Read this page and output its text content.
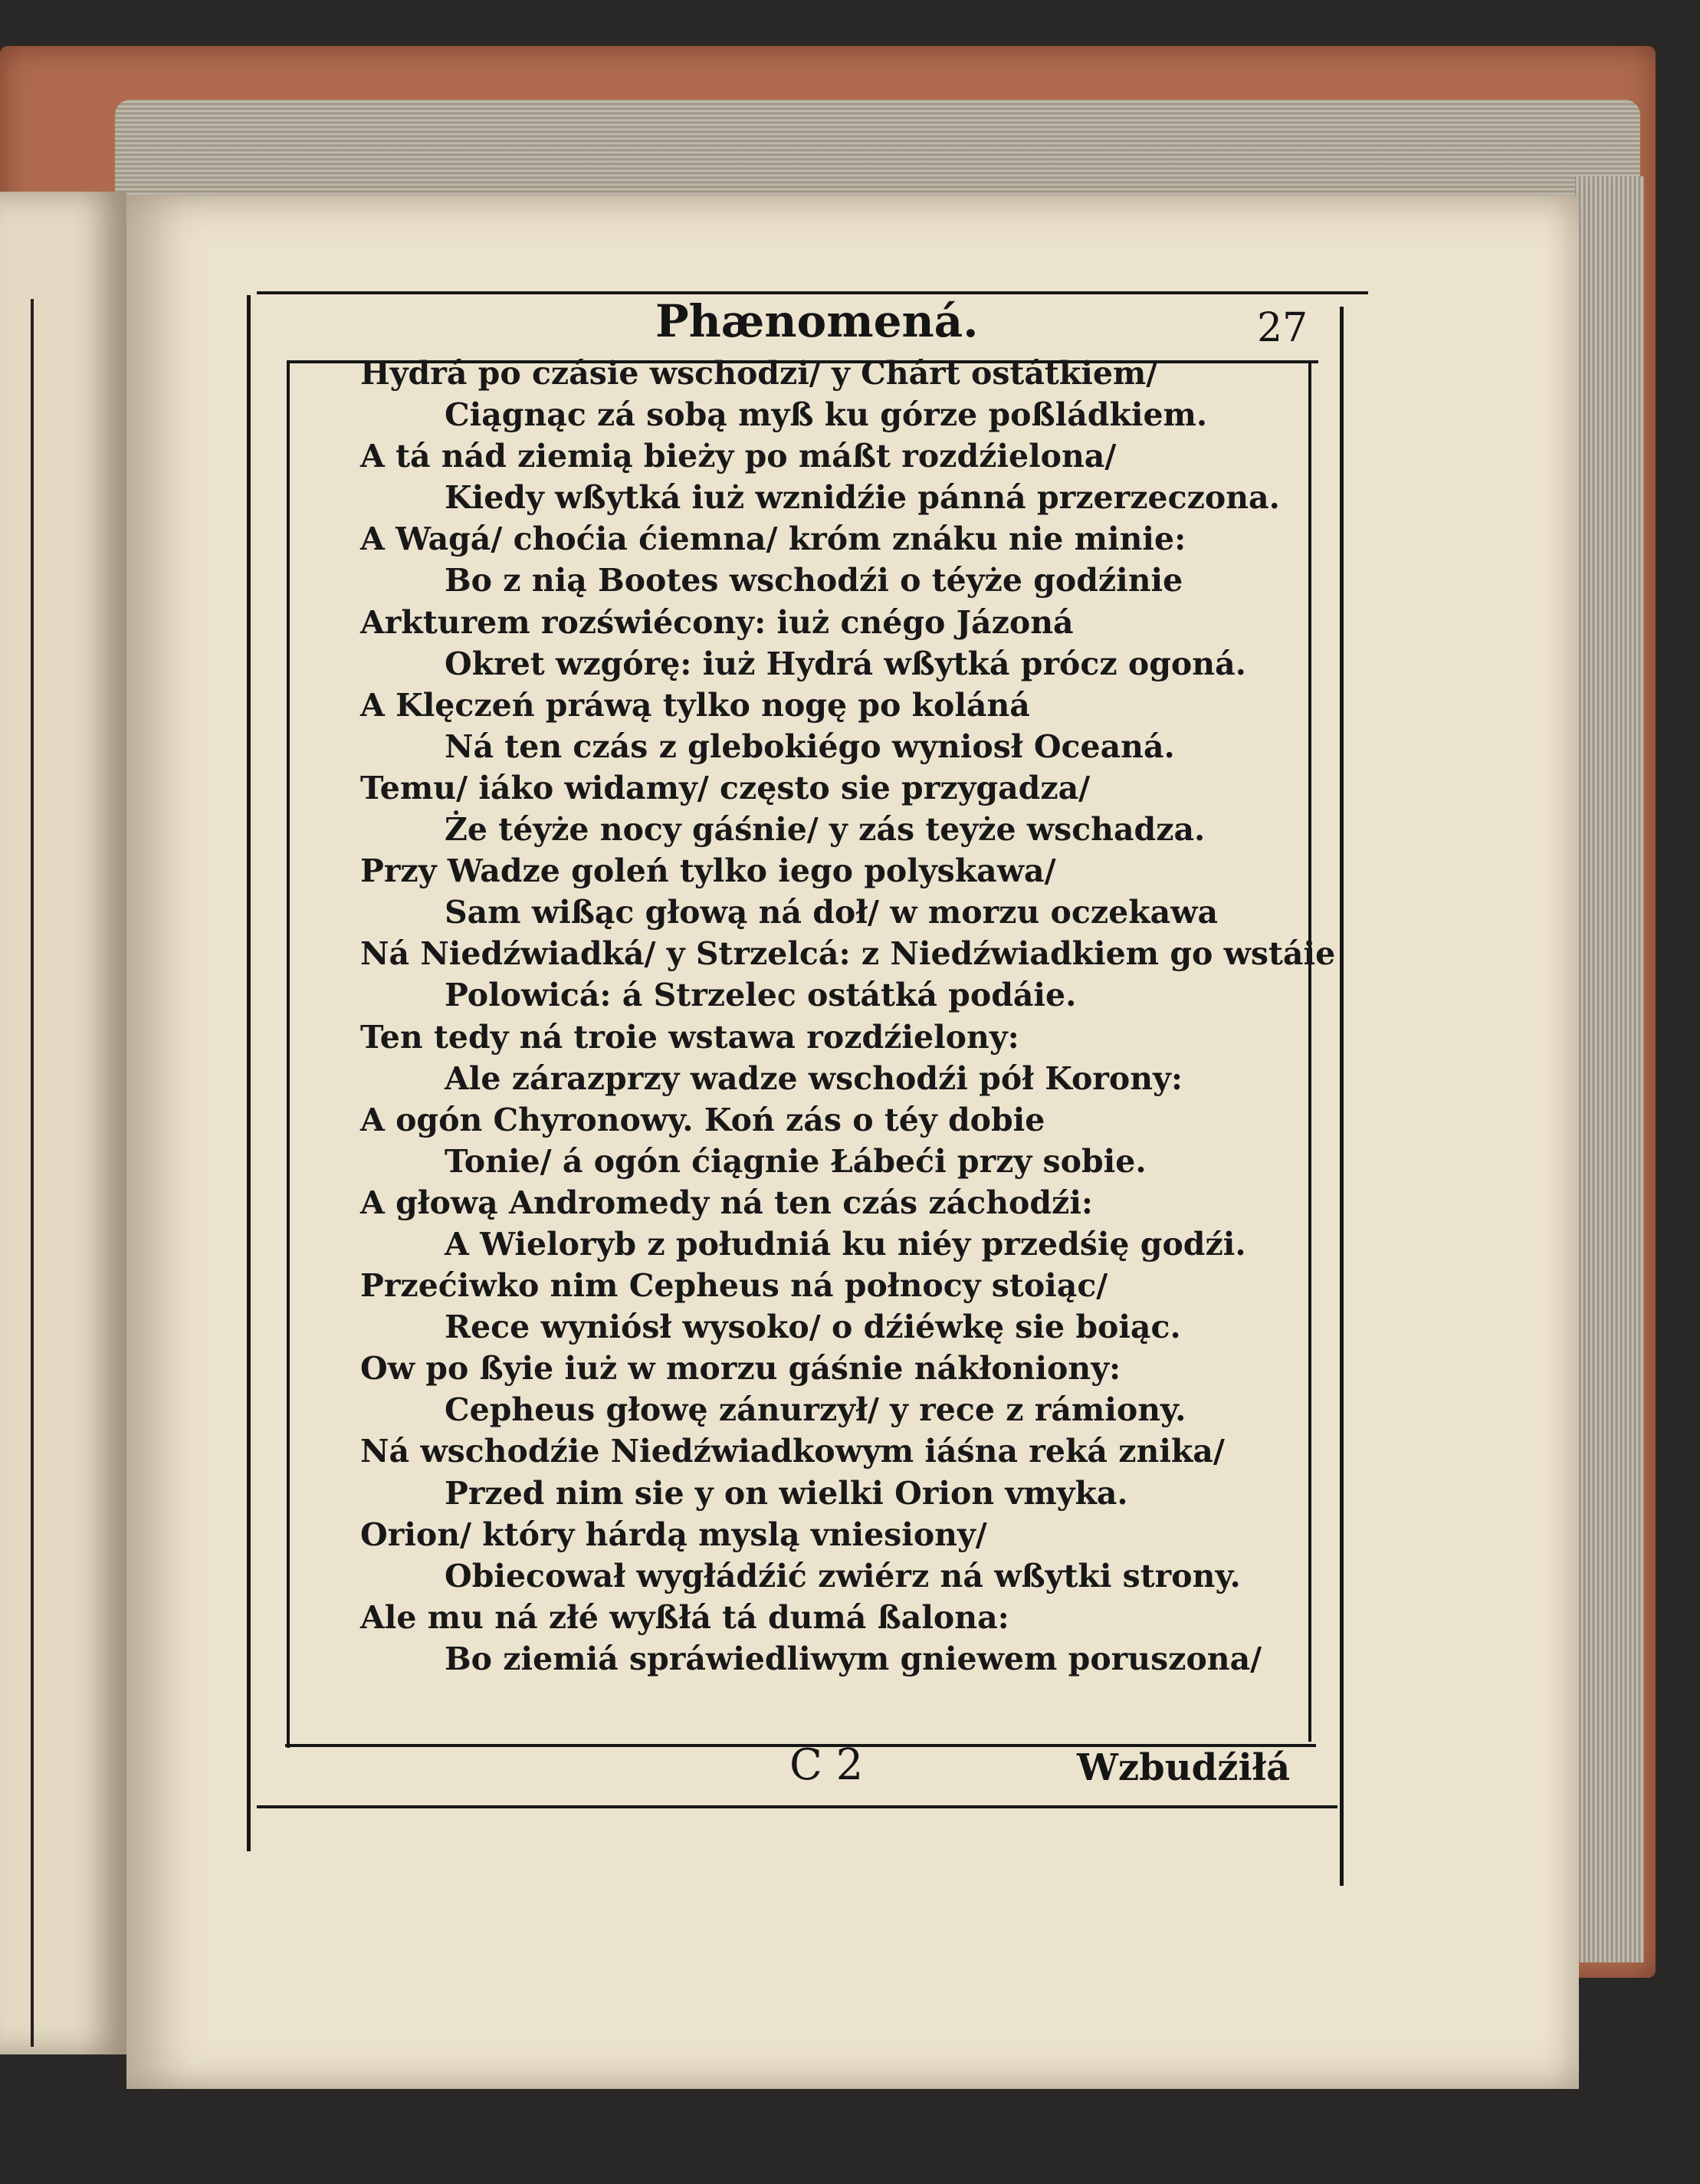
Phænomená.	27
Hydrá po czásie wschodzi/ y Chárt ostátkiem/
Ciągnąc zá sobą myß ku górze poßládkiem.
A tá nád ziemią bieży po máßt rozdźielona/
Kiedy wßytká iuż wznidźie pánná przerzeczona.
A Wagá/ choćia ćiemna/ króm znáku nie minie:
Bo z nią Bootes wschodźi o téyże godźinie
Arkturem rozświécony: iuż cnégo Jázoná
Okret wzgórę: iuż Hydrá wßytká prócz ogoná.
A Klęczeń práwą tylko nogę po koláná
Ná ten czás z glebokiégo wyniosł Oceaná.
Temu/ iáko widamy/ często sie przygadza/
Że téyże nocy gáśnie/ y zás teyże wschadza.
Przy Wadze goleń tylko iego polyskawa/
Sam wißąc głową ná doł/ w morzu oczekawa
Ná Niedźwiadká/ y Strzelcá: z Niedźwiadkiem go wstáie
Polowicá: á Strzelec ostátká podáie.
Ten tedy ná troie wstawa rozdźielony:
Ale zárazprzy wadze wschodźi pół Korony:
A ogón Chyronowy. Koń zás o téy dobie
Tonie/ á ogón ćiągnie Łábeći przy sobie.
A głową Andromedy ná ten czás záchodźi:
A Wieloryb z południá ku niéy przedśię godźi.
Przećiwko nim Cepheus ná połnocy stoiąc/
Rece wyniósł wysoko/ o dźiéwkę sie boiąc.
Ow po ßyie iuż w morzu gáśnie nákłoniony:
Cepheus głowę zánurzył/ y rece z rámiony.
Ná wschodźie Niedźwiadkowym iáśna reká znika/
Przed nim sie y on wielki Orion vmyka.
Orion/ który hárdą myslą vniesiony/
Obiecował wygłádźić zwiérz ná wßytki strony.
Ale mu ná złé wyßłá tá dumá ßalona:
Bo ziemiá spráwiedliwym gniewem poruszona/
C 2	Wzbudźiłá
